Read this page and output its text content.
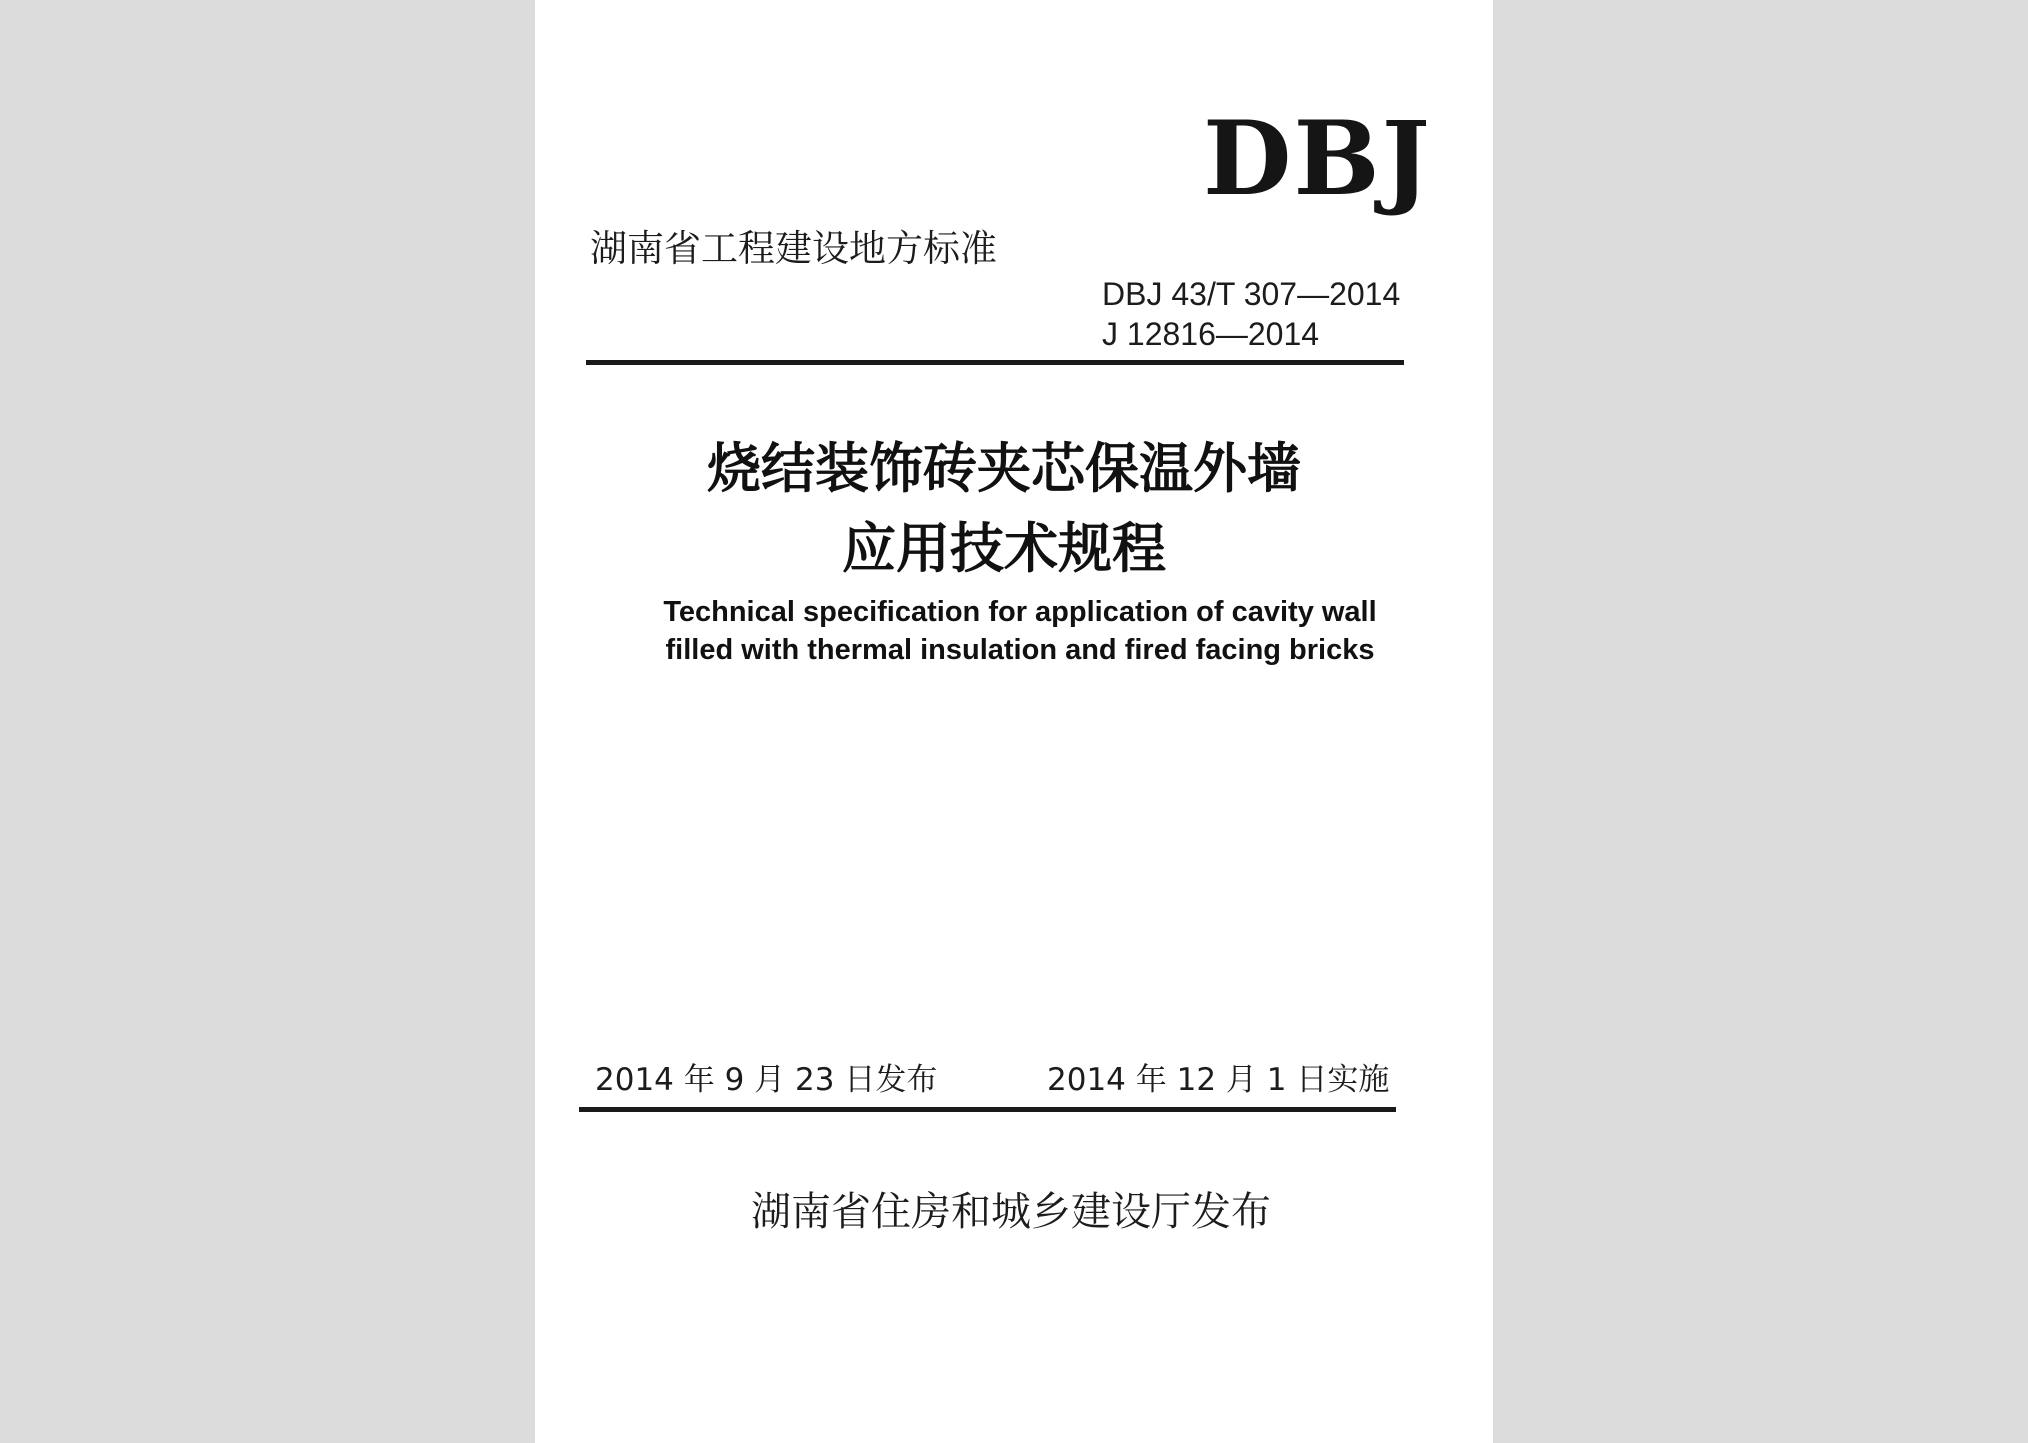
DBJ
湖南省工程建设地方标准
DBJ 43/T 307—2014
J 12816—2014
烧结装饰砖夹芯保温外墙
应用技术规程
Technical specification for application of cavity wall
filled with thermal insulation and fired facing bricks
2014 年 9 月 23 日发布	2014 年 12 月 1 日实施
湖南省住房和城乡建设厅发布
